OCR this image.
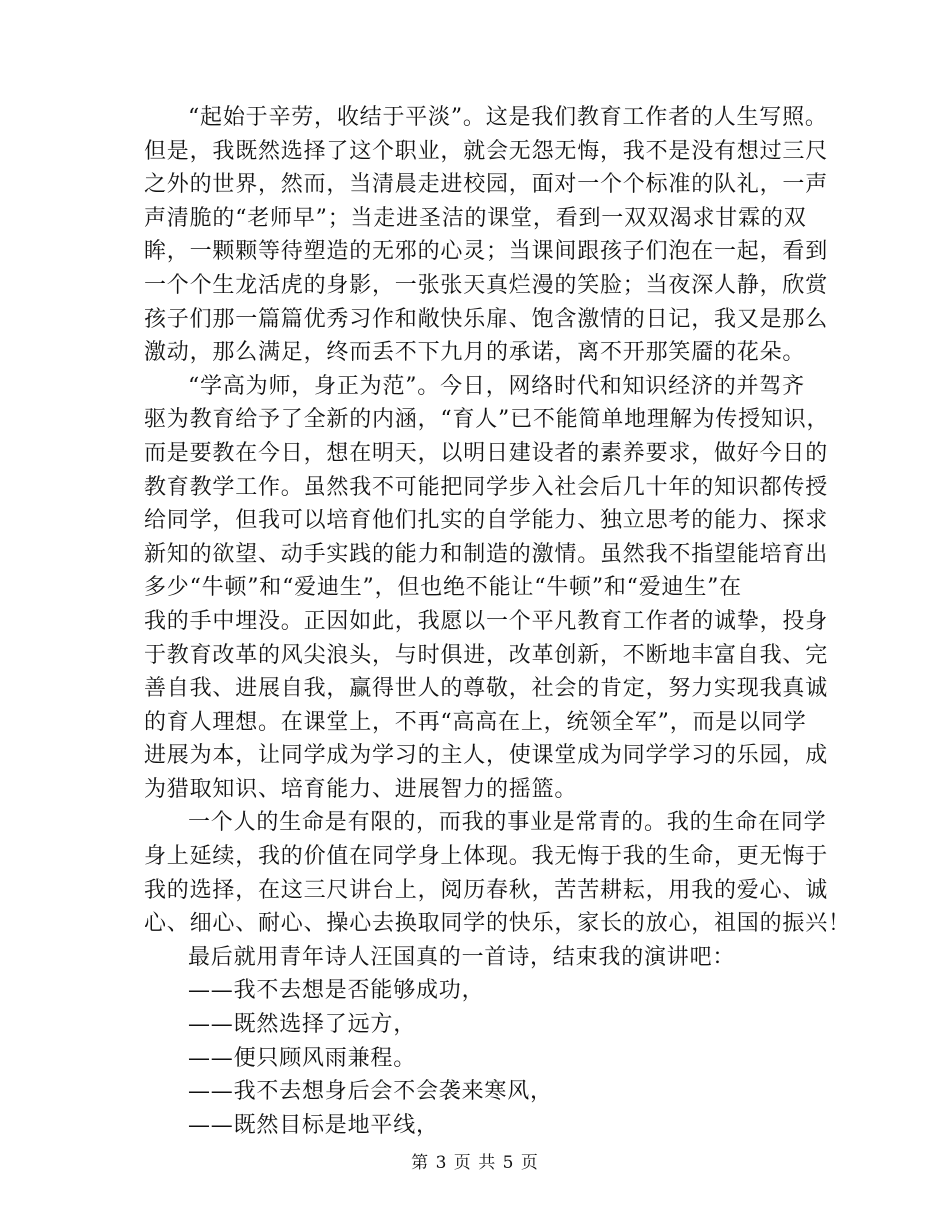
“起始于辛劳，收结于平淡”。这是我们教育工作者的人生写照。
但是，我既然选择了这个职业，就会无怨无悔，我不是没有想过三尺
之外的世界，然而，当清晨走进校园，面对一个个标准的队礼，一声
声清脆的“老师早”；当走进圣洁的课堂，看到一双双渴求甘霖的双
眸，一颗颗等待塑造的无邪的心灵；当课间跟孩子们泡在一起，看到
一个个生龙活虎的身影，一张张天真烂漫的笑脸；当夜深人静，欣赏
孩子们那一篇篇优秀习作和敞快乐扉、饱含激情的日记，我又是那么
激动，那么满足，终而丢不下九月的承诺，离不开那笑靥的花朵。
“学高为师，身正为范”。今日，网络时代和知识经济的并驾齐
驱为教育给予了全新的内涵，“育人”已不能简单地理解为传授知识，
而是要教在今日，想在明天，以明日建设者的素养要求，做好今日的
教育教学工作。虽然我不可能把同学步入社会后几十年的知识都传授
给同学，但我可以培育他们扎实的自学能力、独立思考的能力、探求
新知的欲望、动手实践的能力和制造的激情。虽然我不指望能培育出
多少“牛顿”和“爱迪生”，但也绝不能让“牛顿”和“爱迪生”在
我的手中埋没。正因如此，我愿以一个平凡教育工作者的诚挚，投身
于教育改革的风尖浪头，与时俱进，改革创新，不断地丰富自我、完
善自我、进展自我，赢得世人的尊敬，社会的肯定，努力实现我真诚
的育人理想。在课堂上，不再“高高在上，统领全军”，而是以同学
进展为本，让同学成为学习的主人，使课堂成为同学学习的乐园，成
为猎取知识、培育能力、进展智力的摇篮。
一个人的生命是有限的，而我的事业是常青的。我的生命在同学
身上延续，我的价值在同学身上体现。我无悔于我的生命，更无悔于
我的选择，在这三尺讲台上，阅历春秋，苦苦耕耘，用我的爱心、诚
心、细心、耐心、操心去换取同学的快乐，家长的放心，祖国的振兴！
最后就用青年诗人汪国真的一首诗，结束我的演讲吧：
——我不去想是否能够成功，
——既然选择了远方，
——便只顾风雨兼程。
——我不去想身后会不会袭来寒风，
——既然目标是地平线，
第 3 页 共 5 页
